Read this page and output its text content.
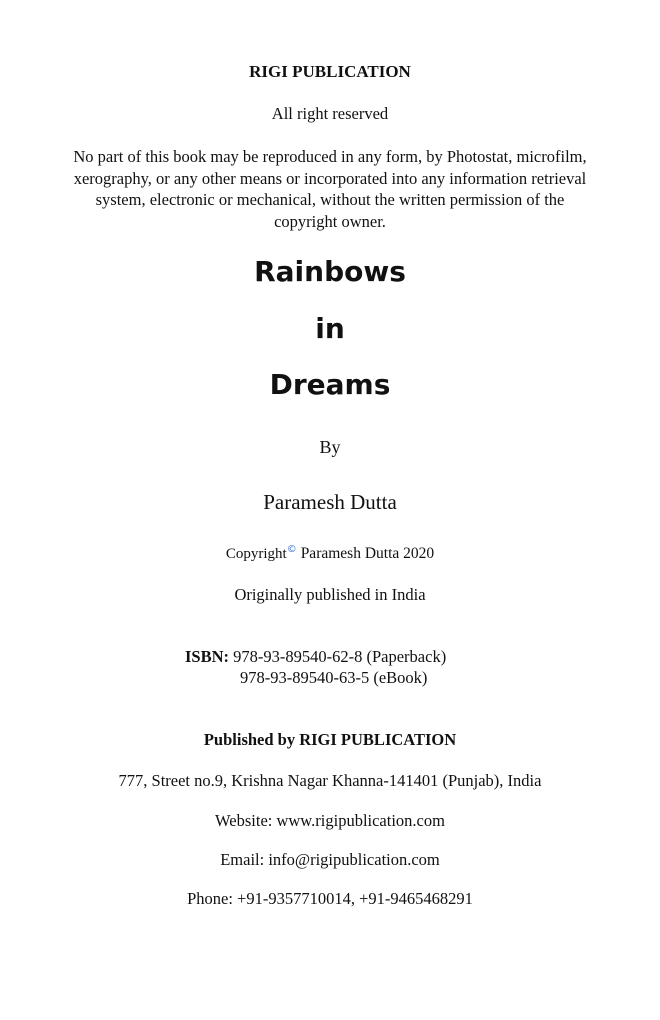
RIGI PUBLICATION
All right reserved
No part of this book may be reproduced in any form, by Photostat, microfilm, xerography, or any other means or incorporated into any information retrieval system, electronic or mechanical, without the written permission of the copyright owner.
Rainbows
in
Dreams
By
Paramesh Dutta
Copyright© Paramesh Dutta 2020
Originally published in India
ISBN: 978-93-89540-62-8 (Paperback)
978-93-89540-63-5 (eBook)
Published by RIGI PUBLICATION
777, Street no.9, Krishna Nagar Khanna-141401 (Punjab), India
Website: www.rigipublication.com
Email: info@rigipublication.com
Phone: +91-9357710014, +91-9465468291
